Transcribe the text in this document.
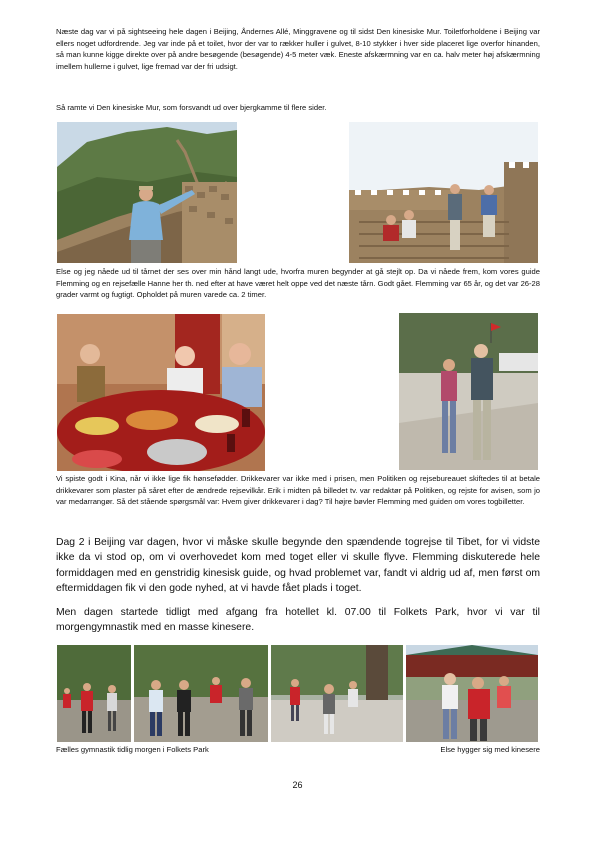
Næste dag var vi på sightseeing hele dagen i Beijing, Åndernes Allé, Minggravene og til sidst Den kinesiske Mur. Toiletforholdene i Beijing var ellers noget udfordrende. Jeg var inde på et toilet, hvor der var to rækker huller i gulvet, 8-10 stykker i hver side placeret lige overfor hinanden, så man kunne kigge direkte over på andre besøgende (besøgende) 4-5 meter væk. Eneste afskærmning var en ca. halv meter høj afskærmning imellem hullerne i gulvet, lige fremad var der fri udsigt.

Så ramte vi Den kinesiske Mur, som forsvandt ud over bjergkamme til flere sider.

Else og jeg nåede ud til tårnet der ses over min hånd langt ude, hvorfra muren begynder at gå stejlt op. Da vi nåede frem, kom vores guide Flemming og en rejsefælle Hanne her th. ned efter at have været helt oppe ved det næste tårn. Godt gået. Flemming var 65 år, og det var 26-28 grader varmt og fugtigt. Opholdet på muren varede ca. 2 timer.

Vi spiste godt i Kina, når vi ikke lige fik hønsefødder. Drikkevarer var ikke med i prisen, men Politiken og rejsebureauet skiftedes til at betale drikkevarer som plaster på såret efter de ændrede rejsevilkår. Erik i midten på billedet tv. var redaktør på Politiken, og rejste for avisen, som jo var medarrangør. Så det stående spørgsmål var: Hvem giver drikkevarer i dag? Til højre bøvler Flemming med guiden om vores togbilletter.

Dag 2 i Beijing var dagen, hvor vi måske skulle begynde den spændende togrejse til Tibet, for vi vidste ikke da vi stod op, om vi overhovedet kom med toget eller vi skulle flyve. Flemming diskuterede hele formiddagen med en genstridig kinesisk guide, og hvad problemet var, fandt vi aldrig ud af, men først om eftermiddagen fik vi den gode nyhed, at vi havde fået plads i toget.

Men dagen startede tidligt med afgang fra hotellet kl. 07.00 til Folkets Park, hvor vi var til morgengymnastik med en masse kinesere.

Fælles gymnastik tidlig morgen i Folkets Park	Else hygger sig med kinesere

26
